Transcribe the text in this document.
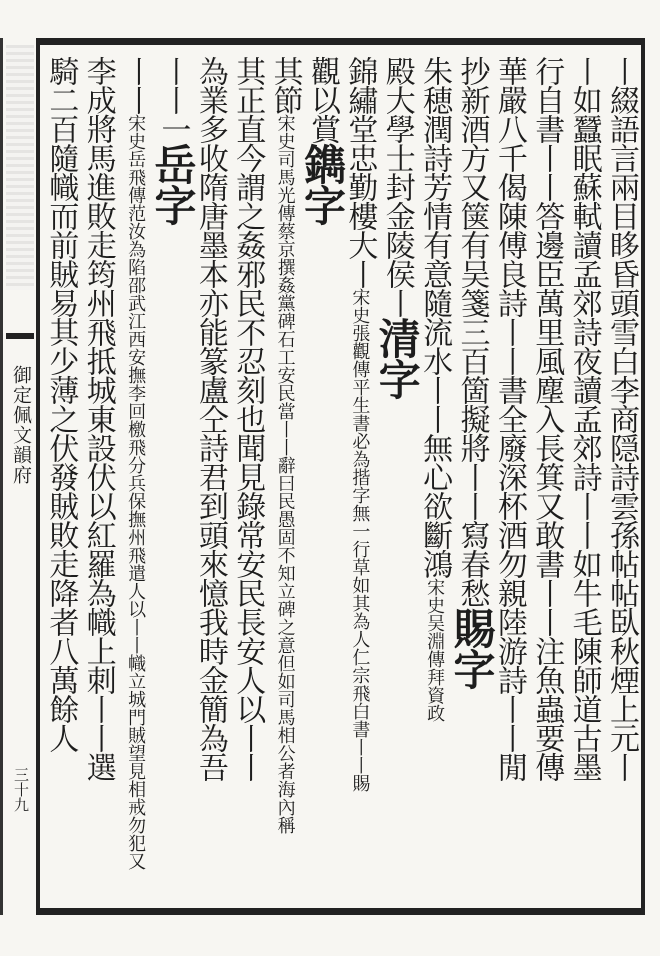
御定佩文韻府
三十九
丨綴語言兩目眵昏頭雪白李商隠詩雲孫帖帖臥秋煙上元丨
丨如蠶眠蘇軾讀孟郊詩夜讀孟郊詩丨丨如牛毛陳師道古墨
行自書丨丨答邊臣萬里風塵入長箕又敢書丨丨注魚蟲要傳
華嚴八千偈陳傅良詩丨丨書全廢深杯酒勿親陸游詩丨丨閒
抄新酒方又箧有吴箋三百箇擬將丨丨寫春愁賜字
朱穂潤詩芳情有意隨流水丨丨無心欲斷鴻宋史吴淵傳拜資政
殿大學士封金陵侯丨清字
錦繡堂忠勤樓大丨宋史張觀傳平生書必為揩字無一行草如其為人仁宗飛白書丨丨賜
觀以賞鐫字
其節宋史司馬光傳蔡京撰姦黨碑石工安民當丨丨辭曰民愚固不知立碑之意但如司馬相公者海內稱
其正直今謂之姦邪民不忍刻也聞見錄常安民長安人以丨丨
為業多收隋唐墨本亦能篆盧仝詩君到頭來憶我時金簡為吾
丨丨一岳字
丨丨宋史岳飛傳范汝為陷邵武江西安撫李回檄飛分兵保撫州飛遣人以丨丨幟立城門賊望見相戒勿犯又
李成將馬進敗走筠州飛抵城東設伏以紅羅為幟上刺丨丨選
騎二百隨幟而前賊易其少薄之伏發賊敗走降者八萬餘人
